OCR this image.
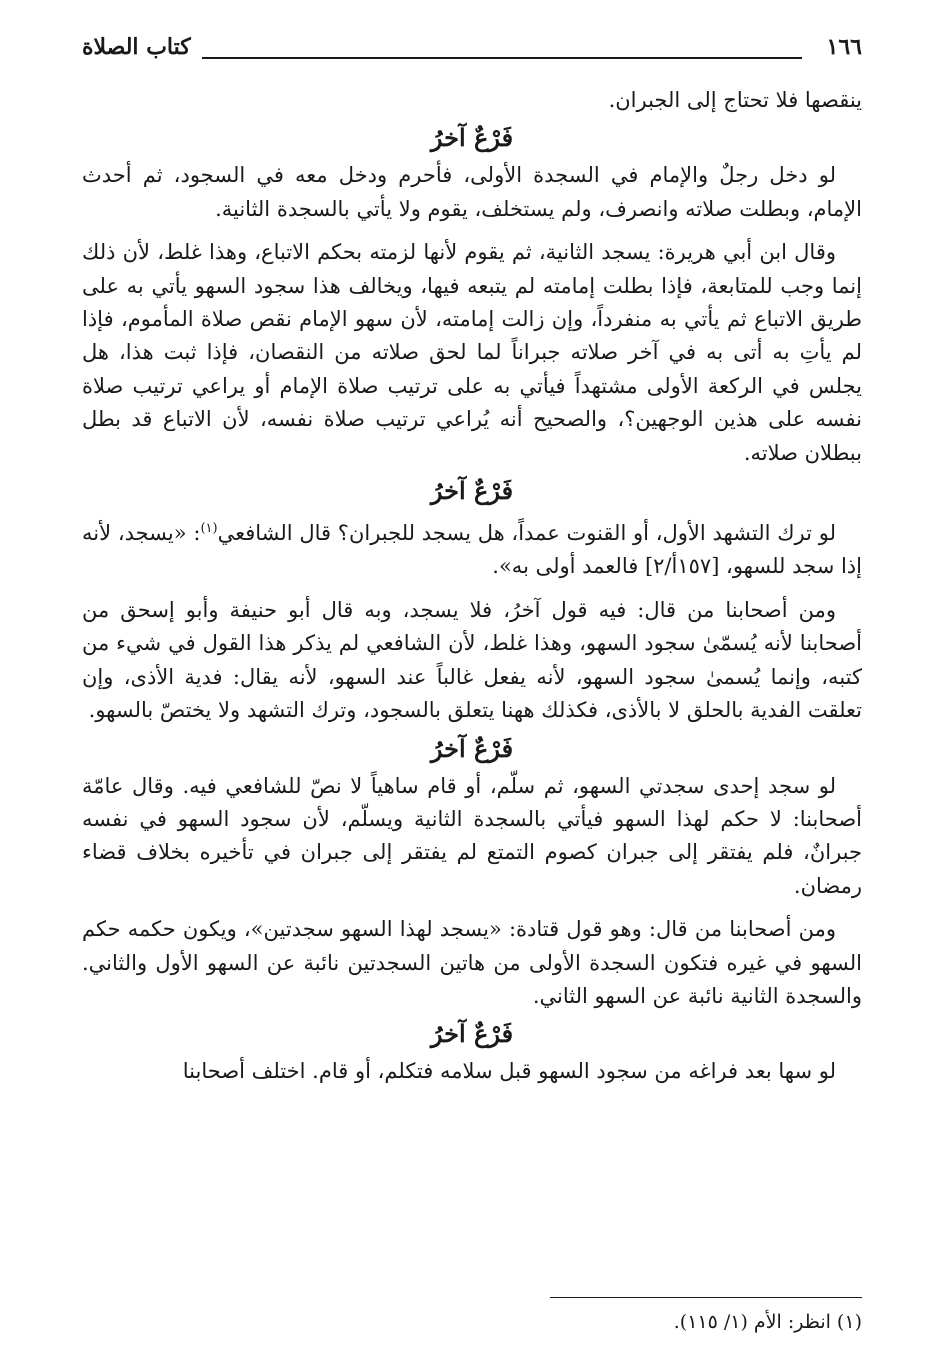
١٦٦
كتاب الصلاة

ينقصها فلا تحتاج إلى الجبران.

فَرْعٌ آخرُ

لو دخل رجلٌ والإمام في السجدة الأولى، فأحرم ودخل معه في السجود، ثم أحدث الإمام، وبطلت صلاته وانصرف، ولم يستخلف، يقوم ولا يأتي بالسجدة الثانية.

وقال ابن أبي هريرة: يسجد الثانية، ثم يقوم لأنها لزمته بحكم الاتباع، وهذا غلط، لأن ذلك إنما وجب للمتابعة، فإذا بطلت إمامته لم يتبعه فيها، ويخالف هذا سجود السهو يأتي به على طريق الاتباع ثم يأتي به منفرداً، وإن زالت إمامته، لأن سهو الإمام نقص صلاة المأموم، فإذا لم يأتِ به أتى به في آخر صلاته جبراناً لما لحق صلاته من النقصان، فإذا ثبت هذا، هل يجلس في الركعة الأولى مشتهداً فيأتي به على ترتيب صلاة الإمام أو يراعي ترتيب صلاة نفسه على هذين الوجهين؟، والصحيح أنه يُراعي ترتيب صلاة نفسه، لأن الاتباع قد بطل ببطلان صلاته.

فَرْعٌ آخرُ

لو ترك التشهد الأول، أو القنوت عمداً، هل يسجد للجبران؟ قال الشافعي$^{(١)}$: «يسجد، لأنه إذا سجد للسهو، [١٥٧أ/٢] فالعمد أولى به».

ومن أصحابنا من قال: فيه قول آخرُ، فلا يسجد، وبه قال أبو حنيفة وأبو إسحق من أصحابنا لأنه يُسمّىٰ سجود السهو، وهذا غلط، لأن الشافعي لم يذكر هذا القول في شيء من كتبه، وإنما يُسمىٰ سجود السهو، لأنه يفعل غالباً عند السهو، لأنه يقال: فدية الأذى، وإن تعلقت الفدية بالحلق لا بالأذى، فكذلك ههنا يتعلق بالسجود، وترك التشهد ولا يختصّ بالسهو.

فَرْعٌ آخرُ

لو سجد إحدى سجدتي السهو، ثم سلّم، أو قام ساهياً لا نصّ للشافعي فيه. وقال عامّة أصحابنا: لا حكم لهذا السهو فيأتي بالسجدة الثانية ويسلّم، لأن سجود السهو في نفسه جبرانٌ، فلم يفتقر إلى جبران كصوم التمتع لم يفتقر إلى جبران في تأخيره بخلاف قضاء رمضان.

ومن أصحابنا من قال: وهو قول قتادة: «يسجد لهذا السهو سجدتين»، ويكون حكمه حكم السهو في غيره فتكون السجدة الأولى من هاتين السجدتين نائبة عن السهو الأول والثاني. والسجدة الثانية نائبة عن السهو الثاني.

فَرْعٌ آخرُ

لو سها بعد فراغه من سجود السهو قبل سلامه فتكلم، أو قام. اختلف أصحابنا

(١) انظر: الأم (١/ ١١٥).
